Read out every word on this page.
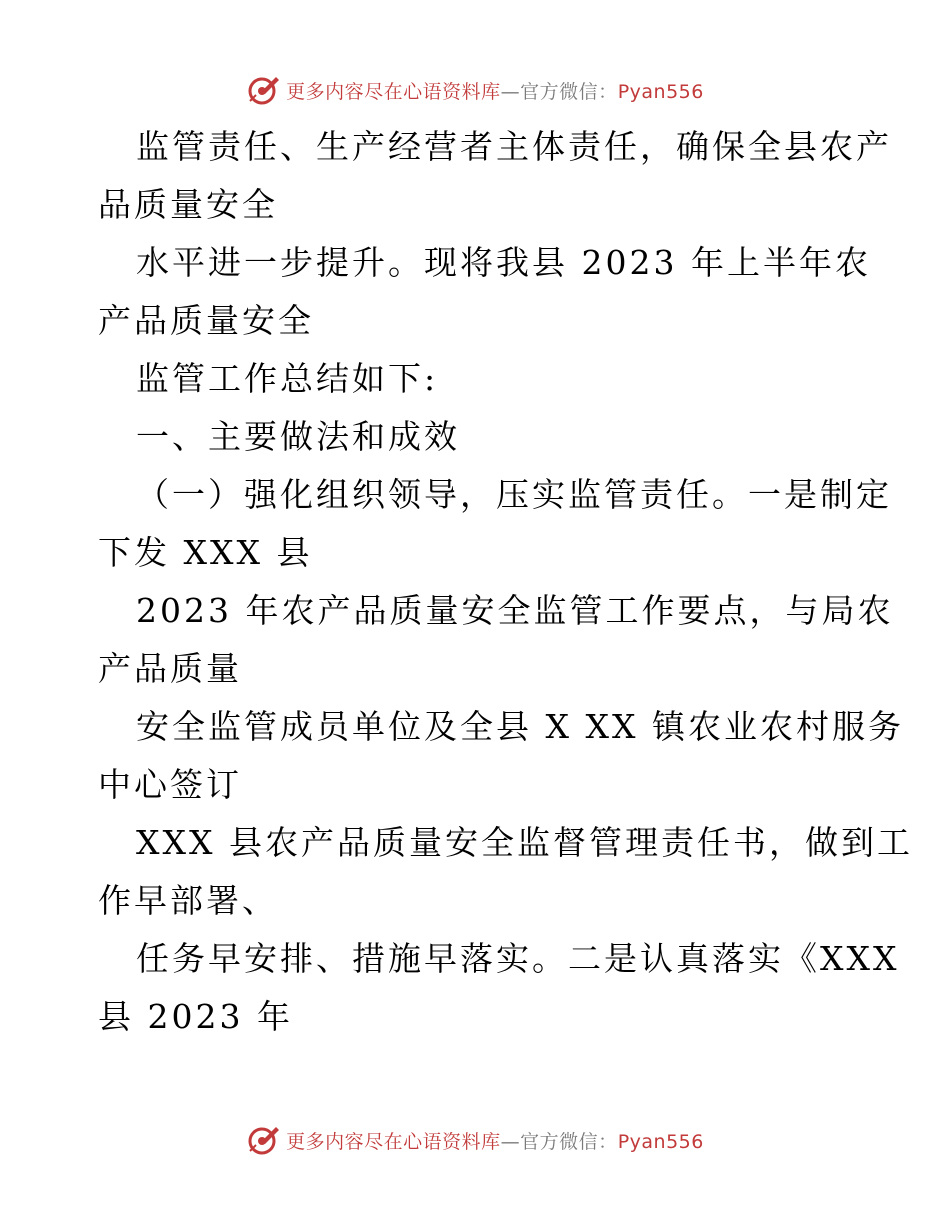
更多内容尽在心语资料库—官方微信：Pyan556
监管责任、生产经营者主体责任，确保全县农产
品质量安全
水平进一步提升。现将我县 2023 年上半年农
产品质量安全
监管工作总结如下:
一、主要做法和成效
（一）强化组织领导，压实监管责任。一是制定
下发 XXX 县
2023 年农产品质量安全监管工作要点，与局农
产品质量
安全监管成员单位及全县 X XX 镇农业农村服务
中心签订
XXX 县农产品质量安全监督管理责任书，做到工
作早部署、
任务早安排、措施早落实。二是认真落实《XXX
县 2023 年
更多内容尽在心语资料库—官方微信：Pyan556
